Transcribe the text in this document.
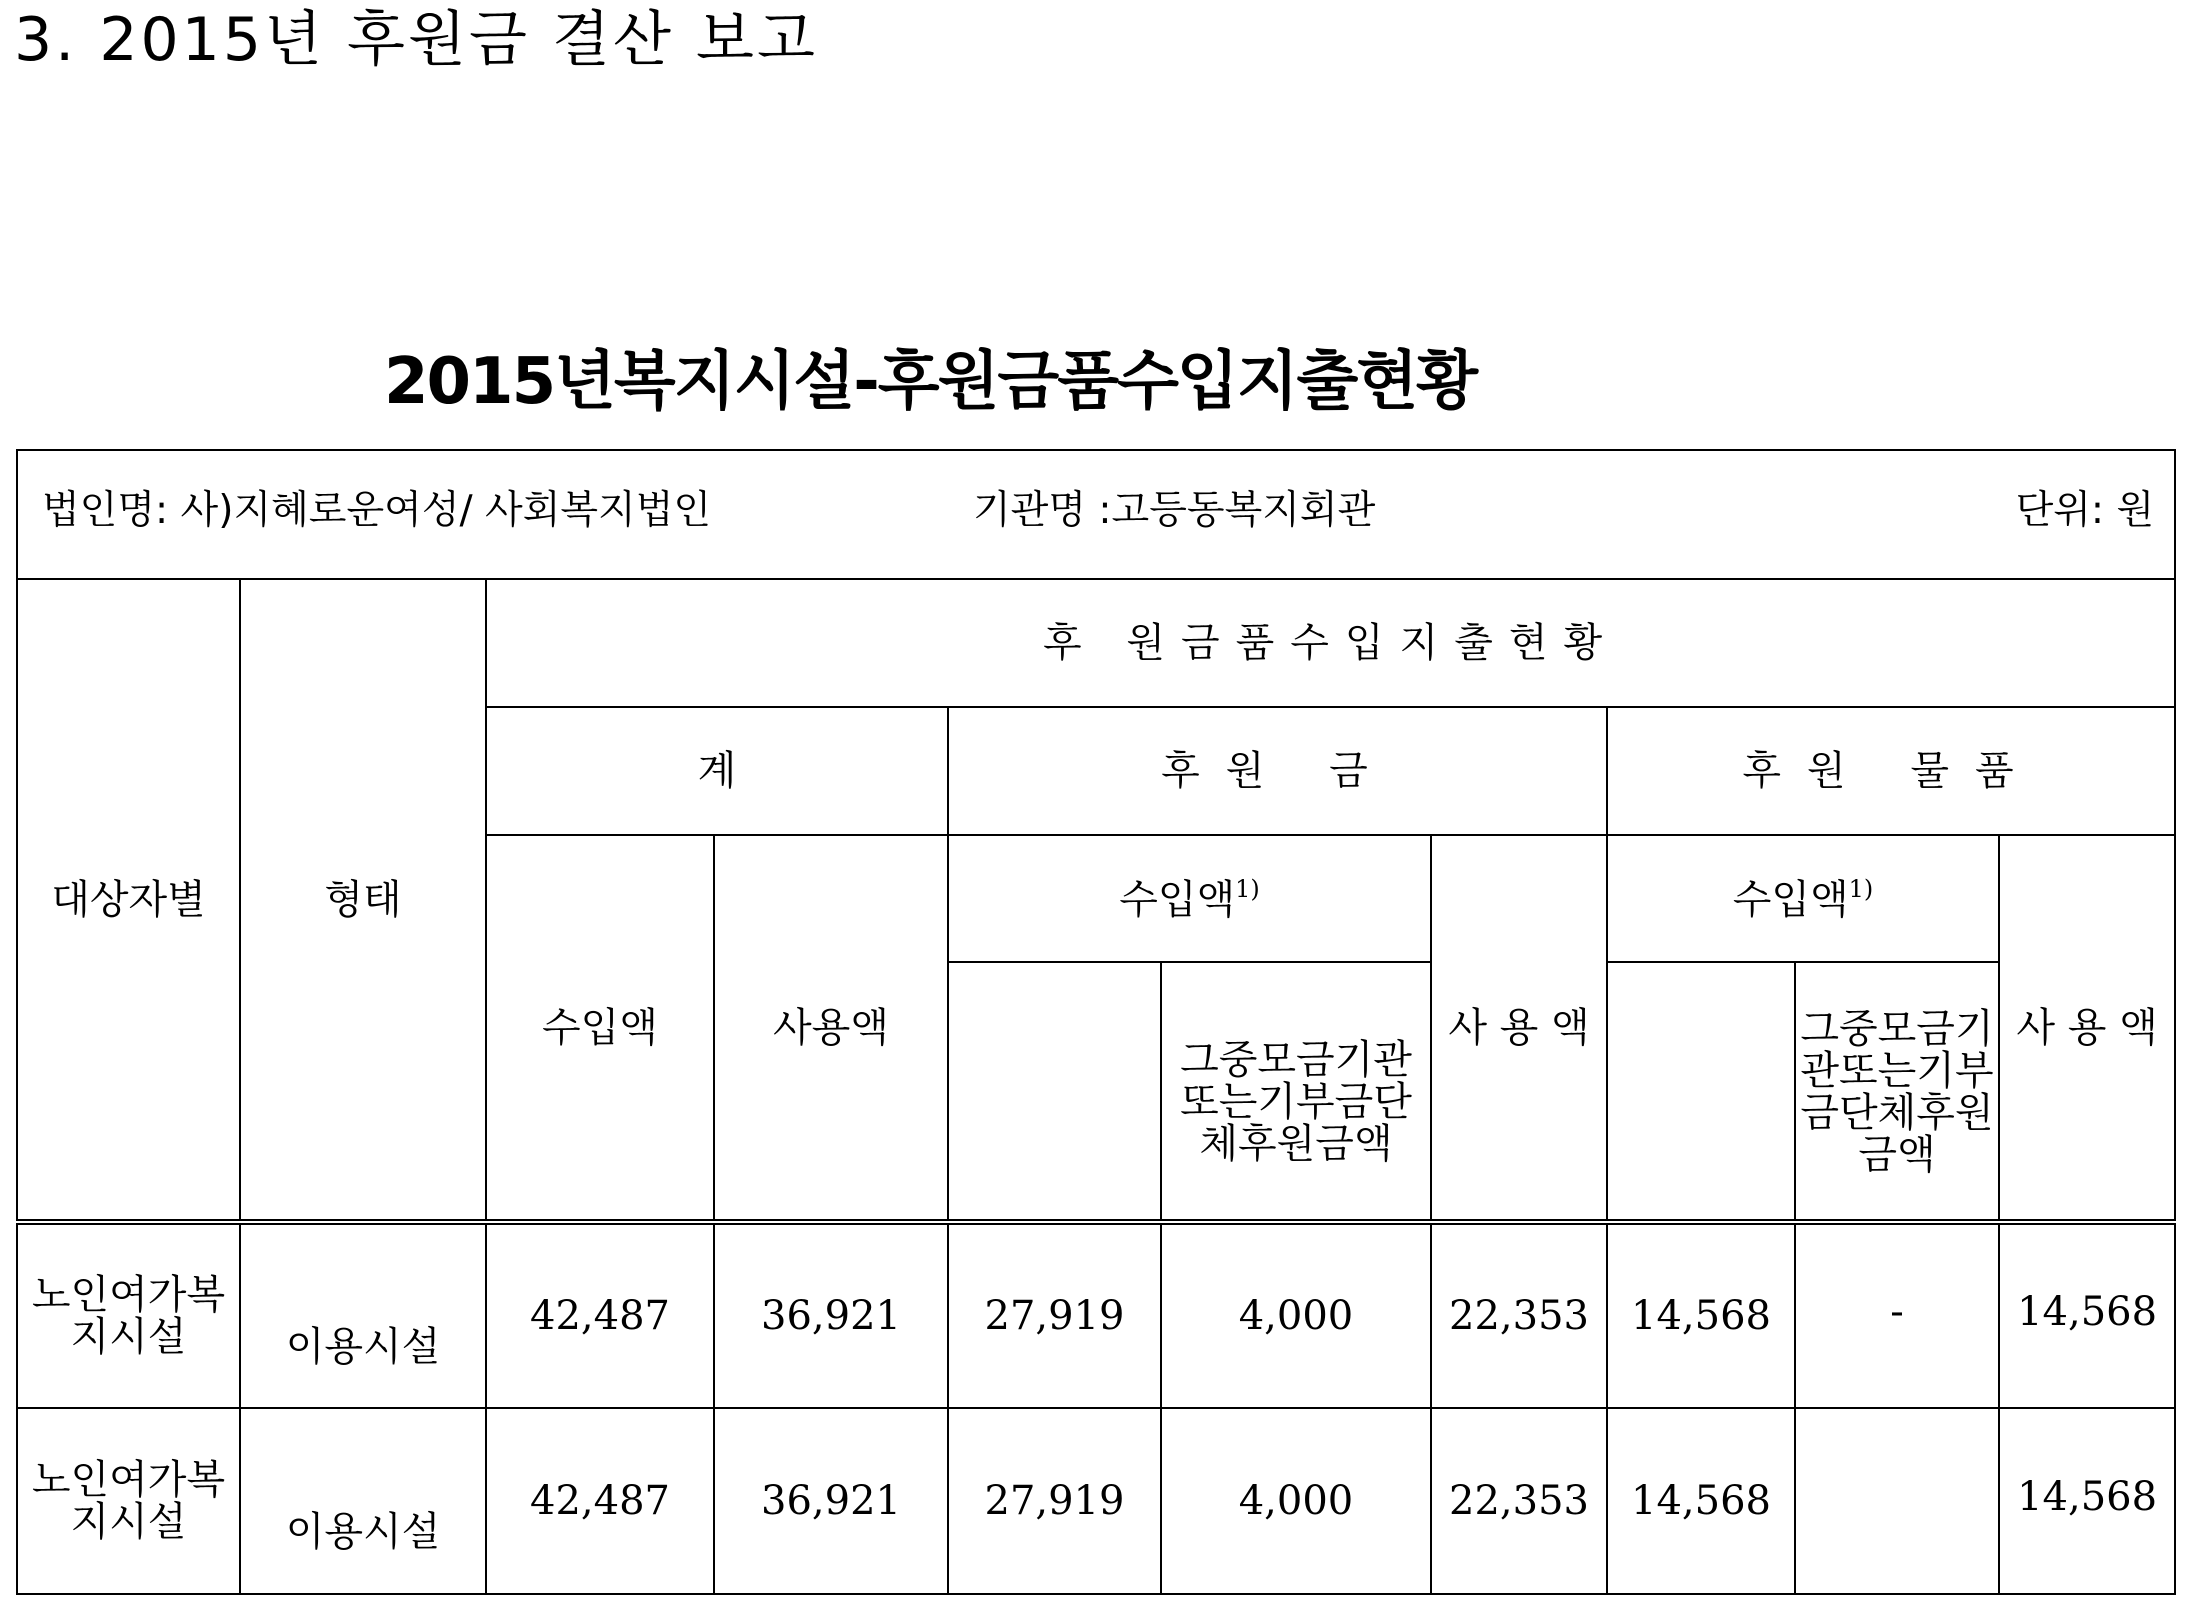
3. 2015년 후원금 결산 보고
2015년복지시설-후원금품수입지출현황
법인명: 사)지혜로운여성/ 사회복지법인 기관명 :고등동복지회관 단위: 원									

대상자별	형태	후 원금품수입지출현황							
		계		후원 금			후원 물품		
		수입액	사용액	수입액$^{1)}$		사 용 액	수입액$^{1)}$		사 용 액
					그중모금기관 또는기부금단체후원금액			그중모금기관또는기부금단체후원금액	
노인여가복지시설	이용시설	42,487	36,921	27,919	4,000	22,353	14,568	-	14,568
노인여가복지시설	이용시설	42,487	36,921	27,919	4,000	22,353	14,568		14,568
